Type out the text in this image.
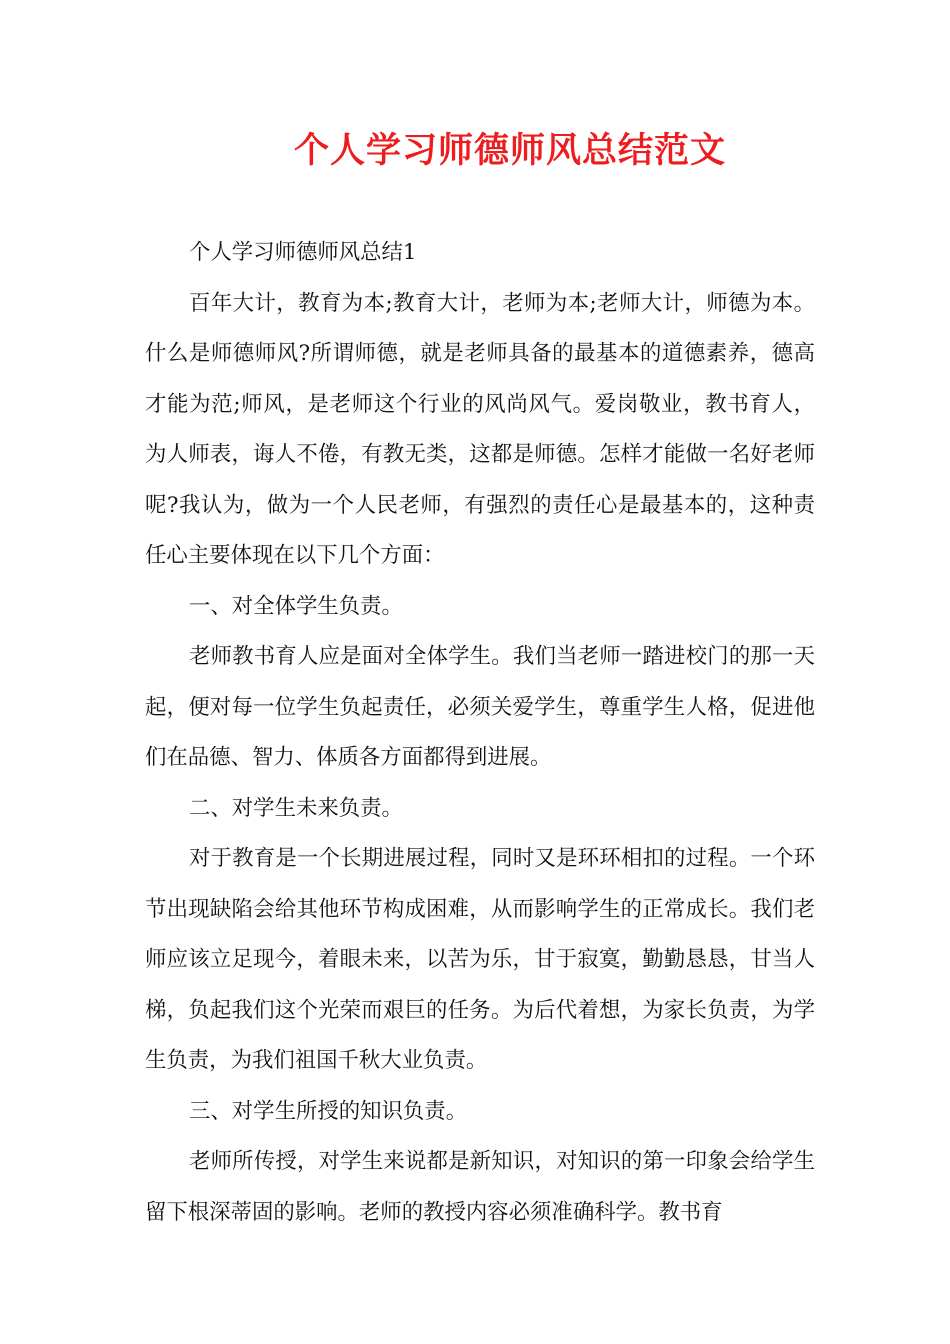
个人学习师德师风总结范文

个人学习师德师风总结1

百年大计，教育为本;教育大计，老师为本;老师大计，师德为本。什么是师德师风?所谓师德，就是老师具备的最基本的道德素养，德高才能为范;师风，是老师这个行业的风尚风气。爱岗敬业，教书育人，为人师表，诲人不倦，有教无类，这都是师德。怎样才能做一名好老师呢?我认为，做为一个人民老师，有强烈的责任心是最基本的，这种责任心主要体现在以下几个方面：

一、对全体学生负责。

老师教书育人应是面对全体学生。我们当老师一踏进校门的那一天起，便对每一位学生负起责任，必须关爱学生，尊重学生人格，促进他们在品德、智力、体质各方面都得到进展。

二、对学生未来负责。

对于教育是一个长期进展过程，同时又是环环相扣的过程。一个环节出现缺陷会给其他环节构成困难，从而影响学生的正常成长。我们老师应该立足现今，着眼未来，以苦为乐，甘于寂寞，勤勤恳恳，甘当人梯，负起我们这个光荣而艰巨的任务。为后代着想，为家长负责，为学生负责，为我们祖国千秋大业负责。

三、对学生所授的知识负责。

老师所传授，对学生来说都是新知识，对知识的第一印象会给学生留下根深蒂固的影响。老师的教授内容必须准确科学。教书育
